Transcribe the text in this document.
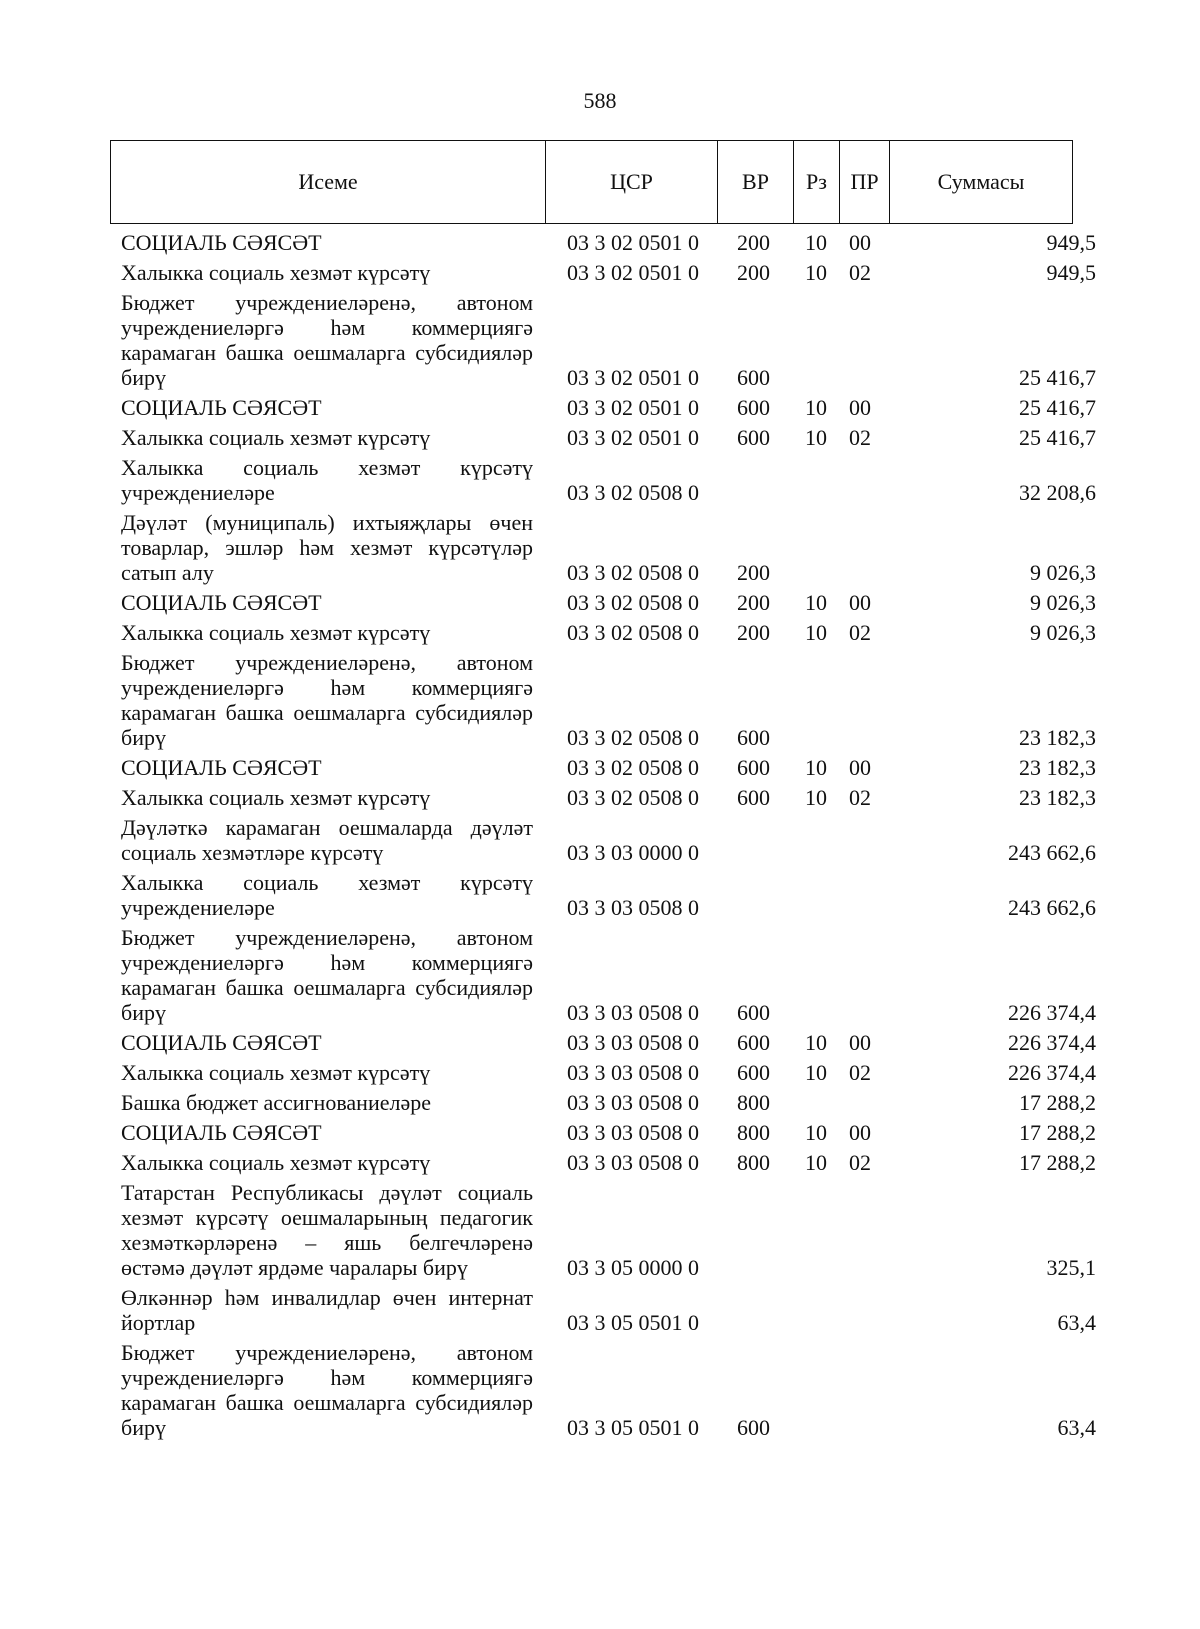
588
Исеме	ЦСР	ВР	Рз	ПР	Суммасы
СОЦИАЛЬ СӘЯСӘТ	03 3 02 0501 0	200	10	00	949,5
Халыкка социаль хезмәт күрсәтү	03 3 02 0501 0	200	10	02	949,5
Бюджет учреждениеләренә, автоном учреждениеләргә һәм коммерциягә карамаган башка оешмаларга субсидияләр бирү	03 3 02 0501 0	600			25 416,7
СОЦИАЛЬ СӘЯСӘТ	03 3 02 0501 0	600	10	00	25 416,7
Халыкка социаль хезмәт күрсәтү	03 3 02 0501 0	600	10	02	25 416,7
Халыкка социаль хезмәт күрсәтү учреждениеләре	03 3 02 0508 0				32 208,6
Дәүләт (муниципаль) ихтыяҗлары өчен товарлар, эшләр һәм хезмәт күрсәтүләр сатып алу	03 3 02 0508 0	200			9 026,3
СОЦИАЛЬ СӘЯСӘТ	03 3 02 0508 0	200	10	00	9 026,3
Халыкка социаль хезмәт күрсәтү	03 3 02 0508 0	200	10	02	9 026,3
Бюджет учреждениеләренә, автоном учреждениеләргә һәм коммерциягә карамаган башка оешмаларга субсидияләр бирү	03 3 02 0508 0	600			23 182,3
СОЦИАЛЬ СӘЯСӘТ	03 3 02 0508 0	600	10	00	23 182,3
Халыкка социаль хезмәт күрсәтү	03 3 02 0508 0	600	10	02	23 182,3
Дәүләткә карамаган оешмаларда дәүләт социаль хезмәтләре күрсәтү	03 3 03 0000 0				243 662,6
Халыкка социаль хезмәт күрсәтү учреждениеләре	03 3 03 0508 0				243 662,6
Бюджет учреждениеләренә, автоном учреждениеләргә һәм коммерциягә карамаган башка оешмаларга субсидияләр бирү	03 3 03 0508 0	600			226 374,4
СОЦИАЛЬ СӘЯСӘТ	03 3 03 0508 0	600	10	00	226 374,4
Халыкка социаль хезмәт күрсәтү	03 3 03 0508 0	600	10	02	226 374,4
Башка бюджет ассигнованиеләре	03 3 03 0508 0	800			17 288,2
СОЦИАЛЬ СӘЯСӘТ	03 3 03 0508 0	800	10	00	17 288,2
Халыкка социаль хезмәт күрсәтү	03 3 03 0508 0	800	10	02	17 288,2
Татарстан Республикасы дәүләт социаль хезмәт күрсәтү оешмаларының педагогик хезмәткәрләренә – яшь белгечләренә өстәмә дәүләт ярдәме чаралары бирү	03 3 05 0000 0				325,1
Өлкәннәр һәм инвалидлар өчен интернат йортлар	03 3 05 0501 0				63,4
Бюджет учреждениеләренә, автоном учреждениеләргә һәм коммерциягә карамаган башка оешмаларга субсидияләр бирү	03 3 05 0501 0	600			63,4
